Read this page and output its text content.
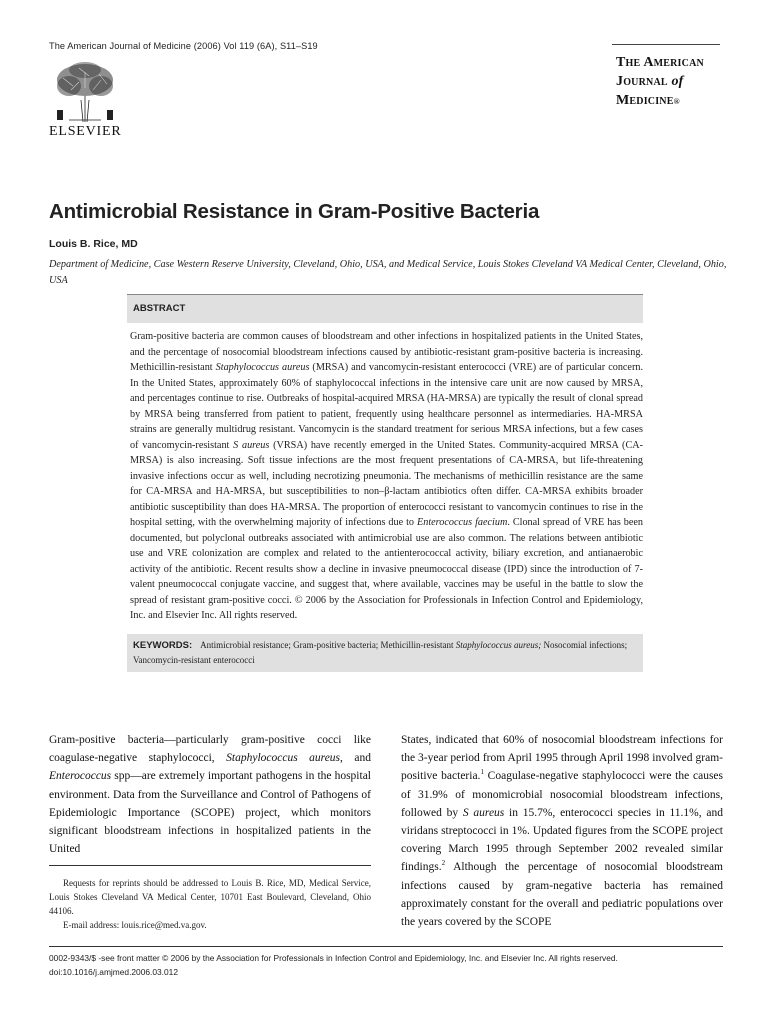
The American Journal of Medicine (2006) Vol 119 (6A), S11–S19
ELSEVIER
The American
Journal of
Medicine®
Antimicrobial Resistance in Gram-Positive Bacteria
Louis B. Rice, MD
Department of Medicine, Case Western Reserve University, Cleveland, Ohio, USA, and Medical Service, Louis Stokes Cleveland VA Medical Center, Cleveland, Ohio, USA
ABSTRACT
Gram-positive bacteria are common causes of bloodstream and other infections in hospitalized patients in the United States, and the percentage of nosocomial bloodstream infections caused by antibiotic-resistant gram-positive bacteria is increasing. Methicillin-resistant Staphylococcus aureus (MRSA) and vancomycin-resistant enterococci (VRE) are of particular concern. In the United States, approximately 60% of staphylococcal infections in the intensive care unit are now caused by MRSA, and percentages continue to rise. Outbreaks of hospital-acquired MRSA (HA-MRSA) are typically the result of clonal spread by MRSA being transferred from patient to patient, frequently using healthcare personnel as intermediaries. HA-MRSA strains are generally multidrug resistant. Vancomycin is the standard treatment for serious MRSA infections, but a few cases of vancomycin-resistant S aureus (VRSA) have recently emerged in the United States. Community-acquired MRSA (CA-MRSA) is also increasing. Soft tissue infections are the most frequent presentations of CA-MRSA, but life-threatening invasive infections occur as well, including necrotizing pneumonia. The mechanisms of methicillin resistance are the same for CA-MRSA and HA-MRSA, but susceptibilities to non–β-lactam antibiotics often differ. CA-MRSA exhibits broader antibiotic susceptibility than does HA-MRSA. The proportion of enterococci resistant to vancomycin continues to rise in the hospital setting, with the overwhelming majority of infections due to Enterococcus faecium. Clonal spread of VRE has been documented, but polyclonal outbreaks associated with antimicrobial use are also common. The relations between antibiotic use and VRE colonization are complex and related to the antienterococcal activity, biliary excretion, and antianaerobic activity of the antibiotic. Recent results show a decline in invasive pneumococcal disease (IPD) since the introduction of 7-valent pneumococcal conjugate vaccine, and suggest that, where available, vaccines may be useful in the battle to slow the spread of resistant gram-positive cocci. © 2006 by the Association for Professionals in Infection Control and Epidemiology, Inc. and Elsevier Inc. All rights reserved.
KEYWORDS: Antimicrobial resistance; Gram-positive bacteria; Methicillin-resistant Staphylococcus aureus; Nosocomial infections; Vancomycin-resistant enterococci
Gram-positive bacteria—particularly gram-positive cocci like coagulase-negative staphylococci, Staphylococcus aureus, and Enterococcus spp—are extremely important pathogens in the hospital environment. Data from the Surveillance and Control of Pathogens of Epidemiologic Importance (SCOPE) project, which monitors significant bloodstream infections in hospitalized patients in the United
States, indicated that 60% of nosocomial bloodstream infections for the 3-year period from April 1995 through April 1998 involved gram-positive bacteria.$^1$ Coagulase-negative staphylococci were the causes of 31.9% of monomicrobial nosocomial bloodstream infections, followed by S aureus in 15.7%, enterococci species in 11.1%, and viridans streptococci in 1%. Updated figures from the SCOPE project covering March 1995 through September 2002 revealed similar findings.$^2$ Although the percentage of nosocomial bloodstream infections caused by gram-negative bacteria has remained approximately constant for the overall and pediatric populations over the years covered by the SCOPE

Requests for reprints should be addressed to Louis B. Rice, MD, Medical Service, Louis Stokes Cleveland VA Medical Center, 10701 East Boulevard, Cleveland, Ohio 44106.

E-mail address: louis.rice@med.va.gov.

0002-9343/$ -see front matter © 2006 by the Association for Professionals in Infection Control and Epidemiology, Inc. and Elsevier Inc. All rights reserved.
doi:10.1016/j.amjmed.2006.03.012
